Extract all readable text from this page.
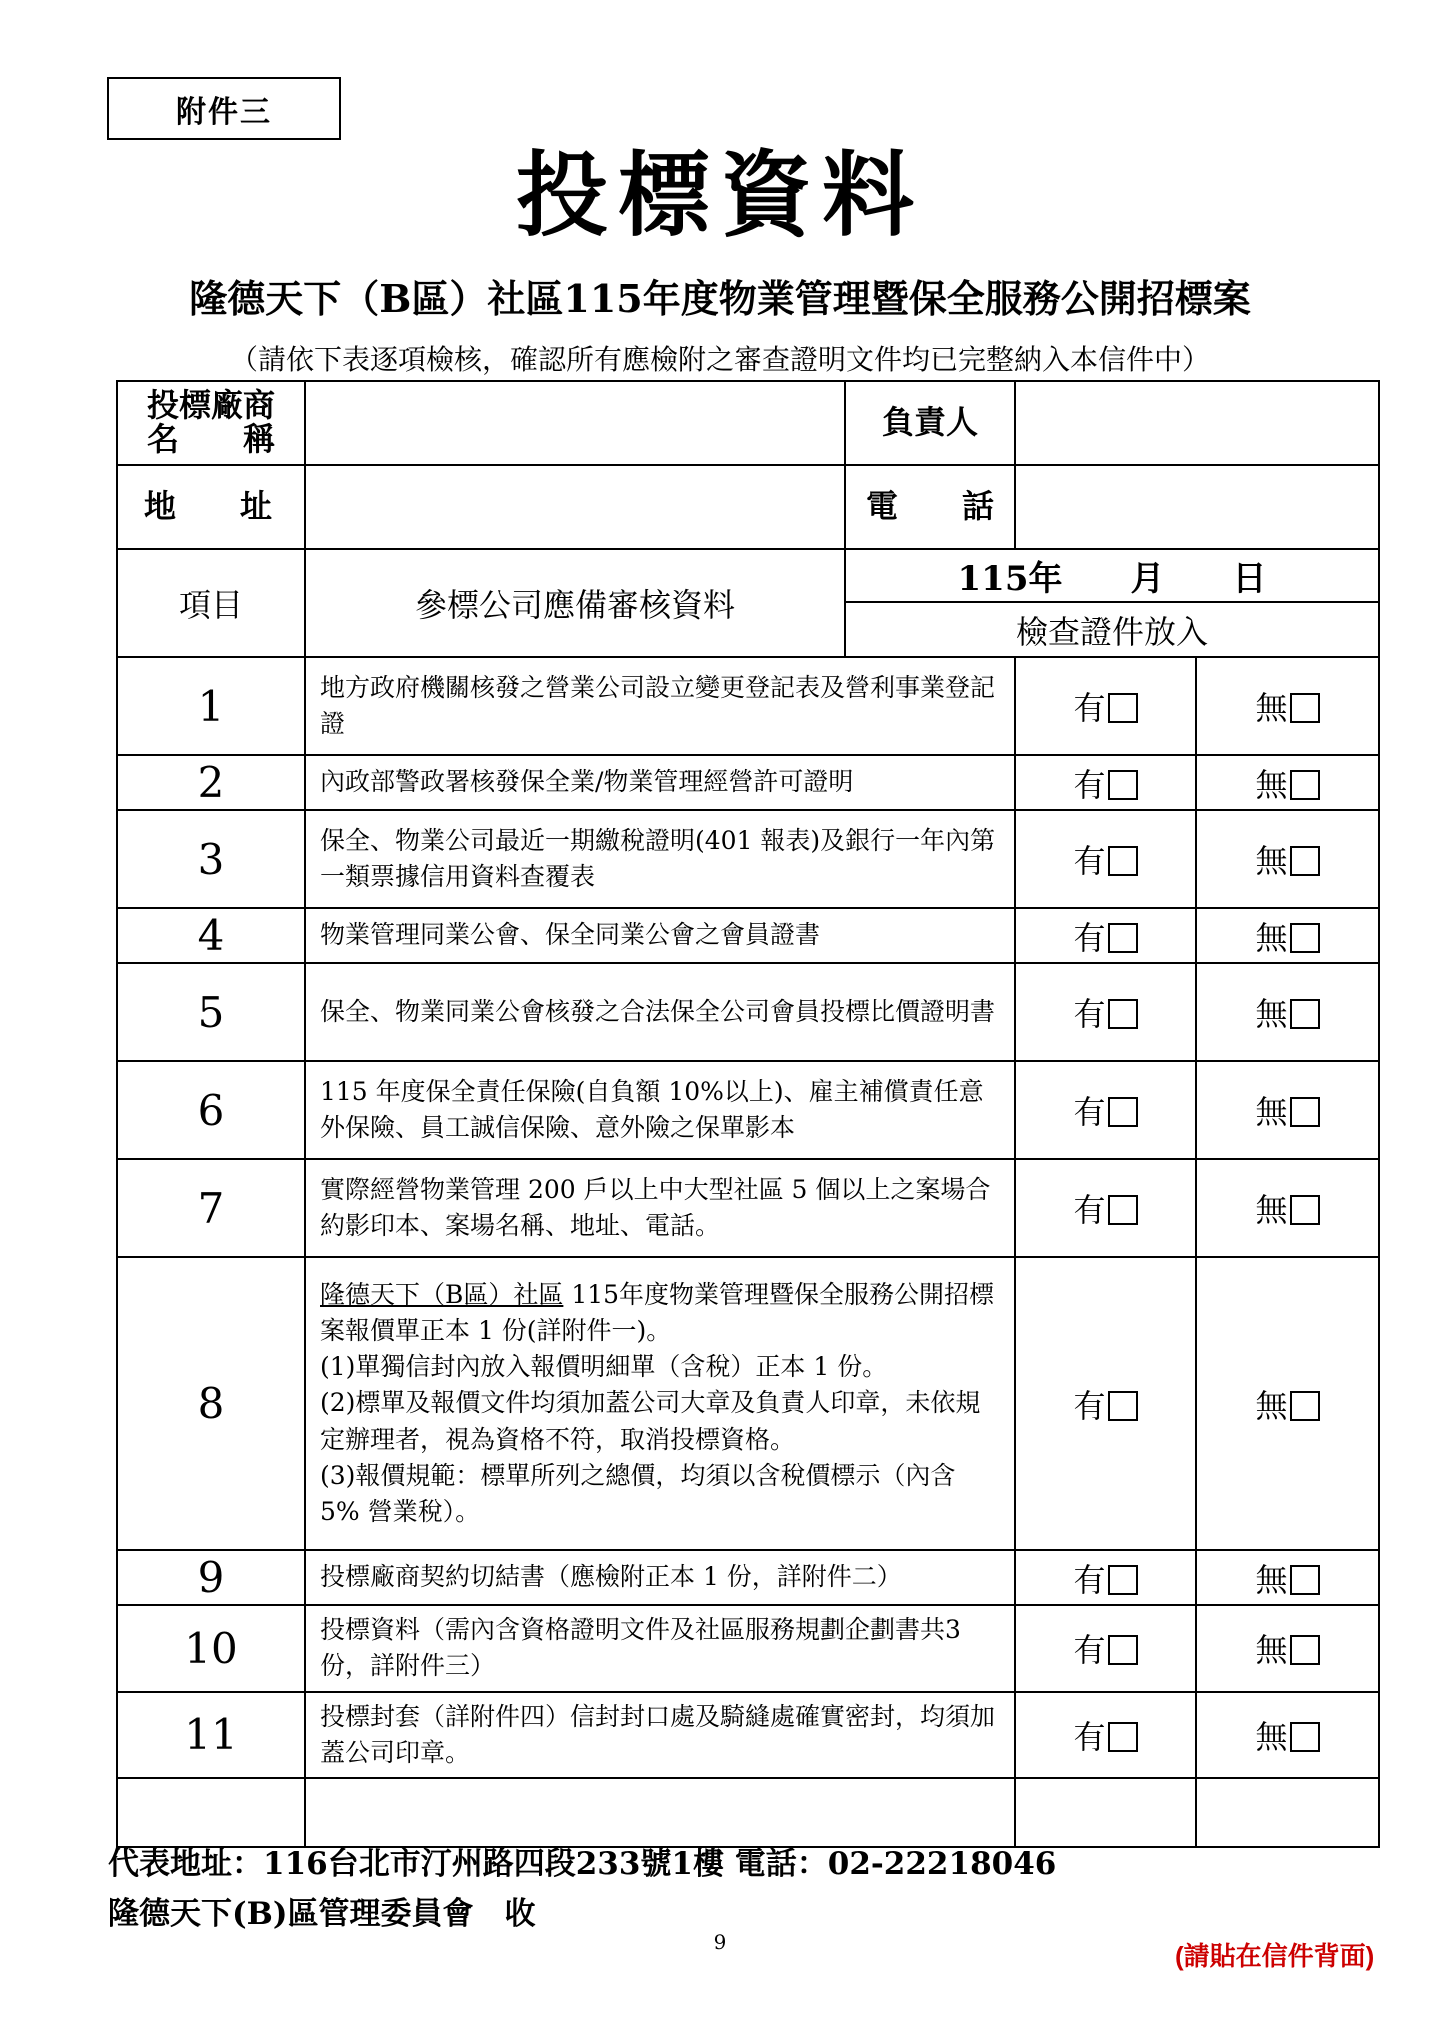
附件三
投標資料
隆德天下（B區）社區115年度物業管理暨保全服務公開招標案
（請依下表逐項檢核，確認所有應檢附之審查證明文件均已完整納入本信件中）
投標廠商
名　　稱		負責人		
地　　址		電　　話		
項目	參標公司應備審核資料	115年　　月　　日
檢查證件放入		

1	地方政府機關核發之營業公司設立變更登記表及營利事業登記證		有	無
2	內政部警政署核發保全業/物業管理經營許可證明		有	無
3	保全、物業公司最近一期繳稅證明(401 報表)及銀行一年內第一類票據信用資料查覆表		有	無
4	物業管理同業公會、保全同業公會之會員證書		有	無
5	保全、物業同業公會核發之合法保全公司會員投標比價證明書		有	無
6	115 年度保全責任保險(自負額 10%以上)、雇主補償責任意外保險、員工誠信保險、意外險之保單影本		有	無
7	實際經營物業管理 200 戶以上中大型社區 5 個以上之案場合約影印本、案場名稱、地址、電話。		有	無
8	隆德天下（B區）社區 115年度物業管理暨保全服務公開招標案報價單正本 1 份(詳附件一)。
(1)單獨信封內放入報價明細單（含稅）正本 1 份。
(2)標單及報價文件均須加蓋公司大章及負責人印章，未依規定辦理者，視為資格不符，取消投標資格。
(3)報價規範：標單所列之總價，均須以含稅價標示（內含 5% 營業稅）。		有	無
9	投標廠商契約切結書（應檢附正本 1 份，詳附件二）		有	無
10	投標資料（需內含資格證明文件及社區服務規劃企劃書共3份，詳附件三）		有	無
11	投標封套（詳附件四）信封封口處及騎縫處確實密封，均須加蓋公司印章。		有	無

代表地址：116台北市汀州路四段233號1樓 電話：02-22218046
隆德天下(B)區管理委員會　收
9	(請貼在信件背面)
